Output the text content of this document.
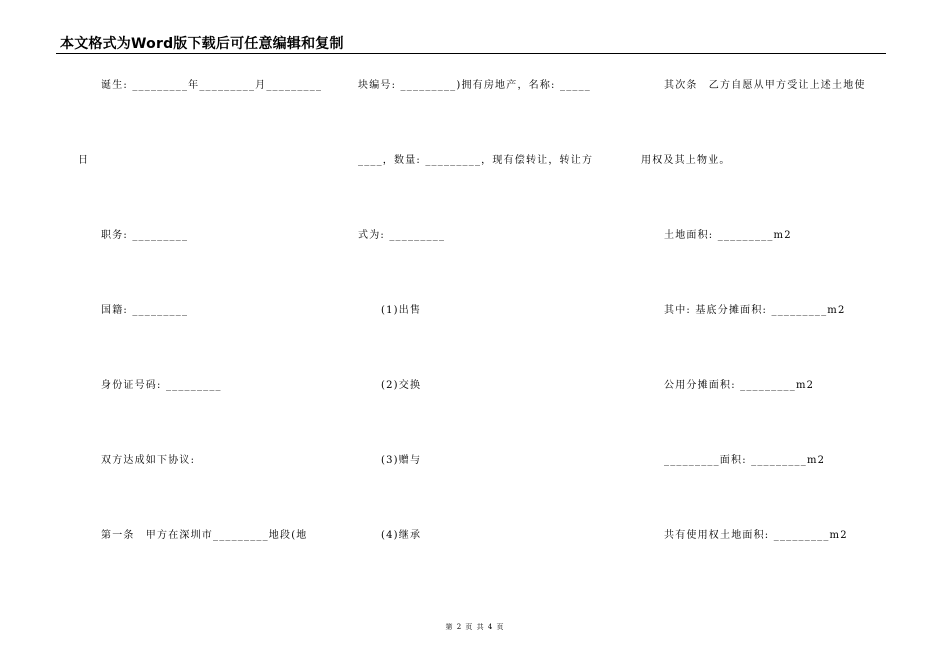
本文格式为Word版下载后可任意编辑和复制
诞生: _________年_________月_________
日
职务: _________
国籍: _________
身份证号码: _________
双方达成如下协议:
第一条　甲方在深圳市_________地段(地
块编号: _________)拥有房地产，名称: _____
____，数量: _________，现有偿转让，转让方
式为: _________
(1)出售
(2)交换
(3)赠与
(4)继承
其次条　乙方自愿从甲方受让上述土地使
用权及其上物业。
土地面积: _________m2
其中: 基底分摊面积: _________m2
公用分摊面积: _________m2
_________面积: _________m2
共有使用权土地面积: _________m2
第 2 页 共 4 页
